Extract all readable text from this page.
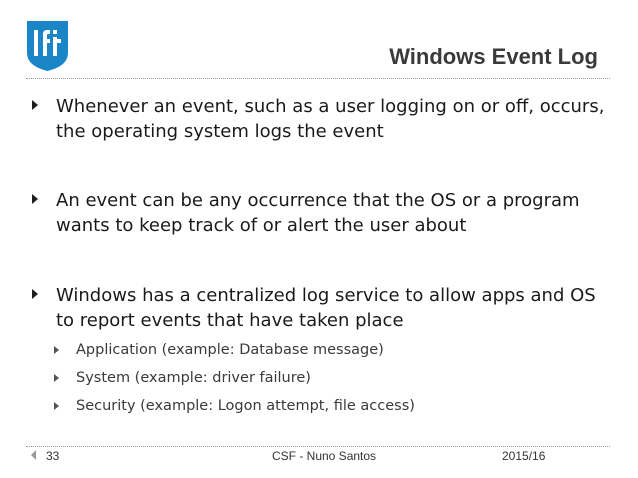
Windows Event Log
Whenever an event, such as a user logging on or off, occurs, the operating system logs the event
An event can be any occurrence that the OS or a program wants to keep track of or alert the user about
Windows has a centralized log service to allow apps and OS to report events that have taken place
Application (example: Database message)
System (example: driver failure)
Security (example: Logon attempt, file access)
33	CSF - Nuno Santos	2015/16
